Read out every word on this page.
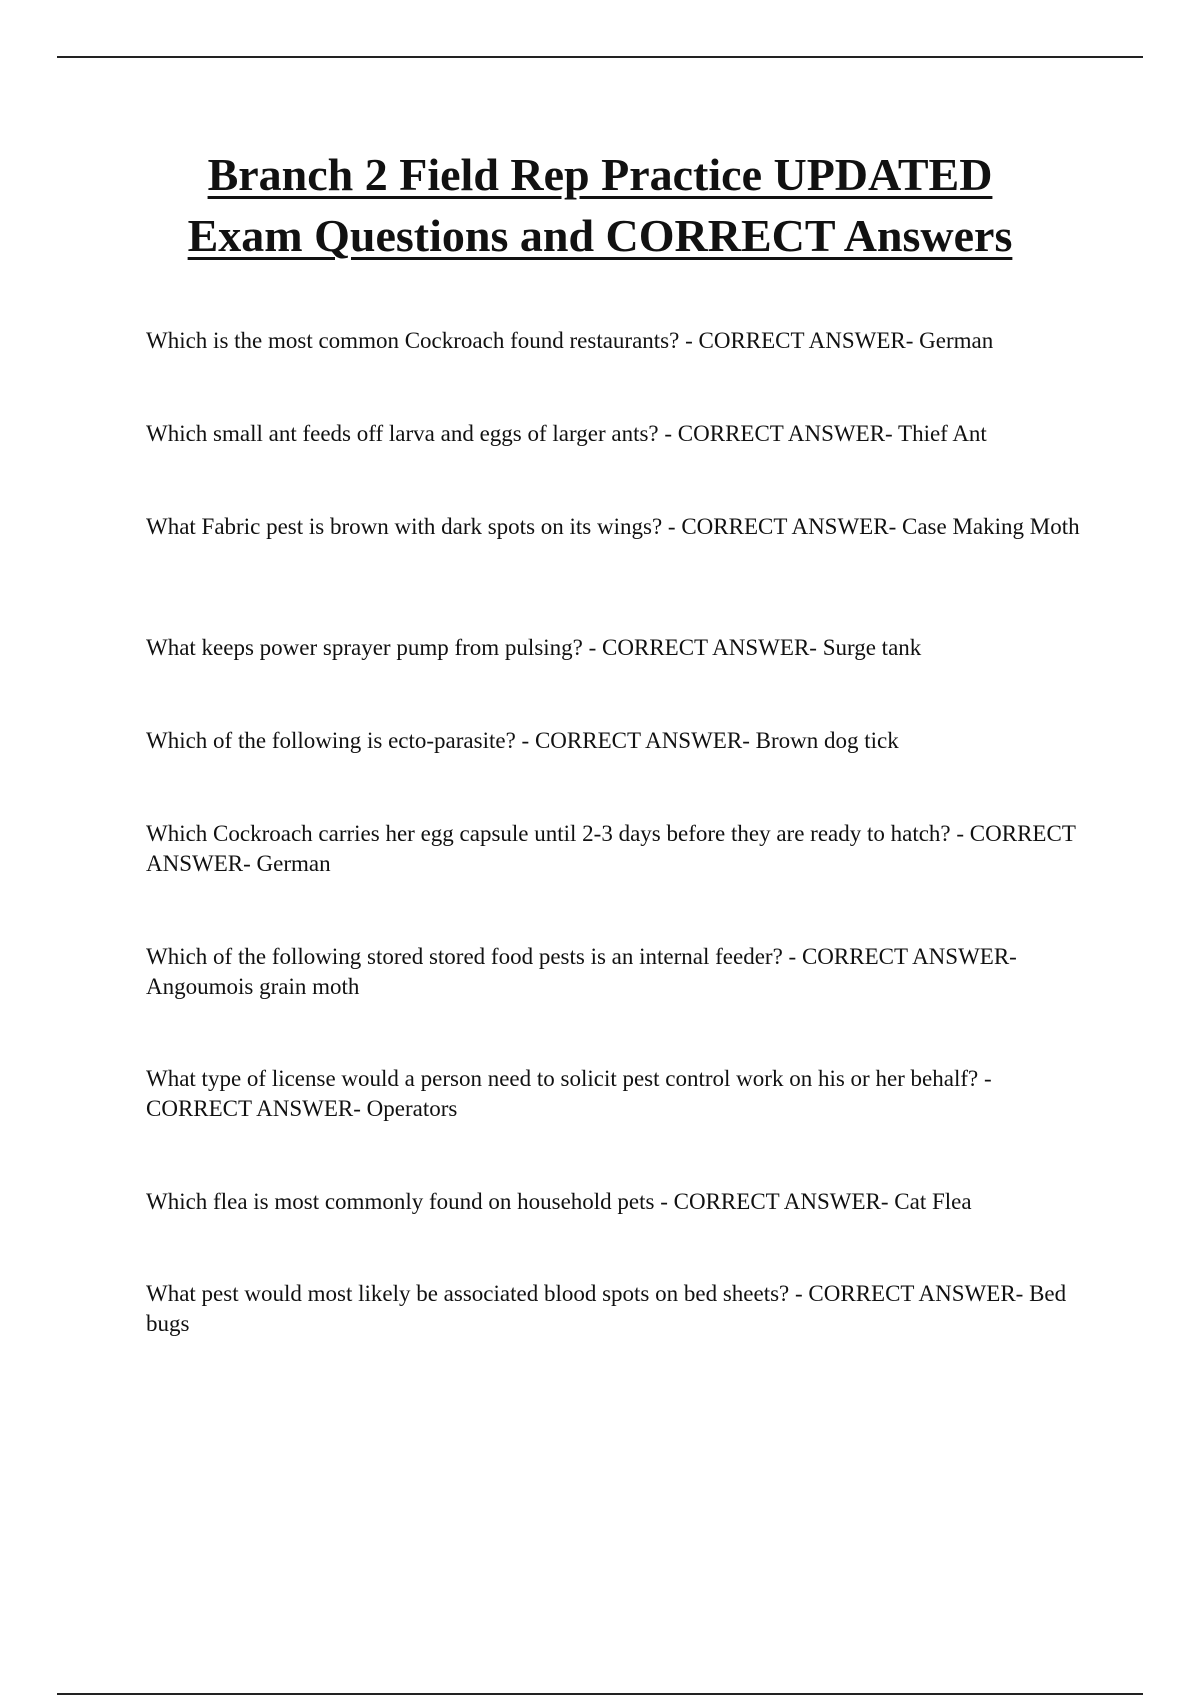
Branch 2 Field Rep Practice UPDATED
Exam Questions and CORRECT Answers
Which is the most common Cockroach found restaurants? - CORRECT ANSWER- German
Which small ant feeds off larva and eggs of larger ants? - CORRECT ANSWER- Thief Ant
What Fabric pest is brown with dark spots on its wings? - CORRECT ANSWER- Case Making Moth
What keeps power sprayer pump from pulsing? - CORRECT ANSWER- Surge tank
Which of the following is ecto-parasite? - CORRECT ANSWER- Brown dog tick
Which Cockroach carries her egg capsule until 2-3 days before they are ready to hatch? - CORRECT ANSWER- German
Which of the following stored stored food pests is an internal feeder? - CORRECT ANSWER- Angoumois grain moth
What type of license would a person need to solicit pest control work on his or her behalf? - CORRECT ANSWER- Operators
Which flea is most commonly found on household pets - CORRECT ANSWER- Cat Flea
What pest would most likely be associated blood spots on bed sheets? - CORRECT ANSWER- Bed bugs
